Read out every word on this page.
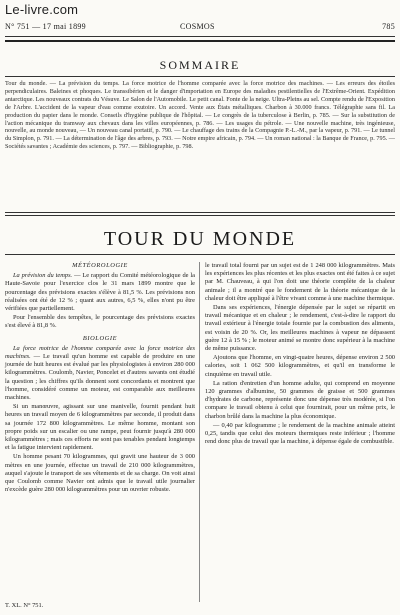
Le-livre.com
N° 751 — 17 mai 1899	COSMOS	785
SOMMAIRE
Tour du monde. — La prévision du temps. La force motrice de l'homme comparée avec la force motrice des machines. — Les erreurs des étoiles perpendiculaires. Baleines et phoques. Le transsibérien et le danger d'importation en Europe des maladies pestilentielles de l'Extrême-Orient. Expédition antarctique. Les nouveaux contrats du Vésuve. Le Salon de l'Automobile. Le petit canal. Fonte de la neige. Ultra-Pleins au sel. Compte rendu de l'Exposition de l'Arbre. L'accident de la vapeur d'eau comme exutoire. Un accord. Vente aux États métalliques. Charbon à 30.000 francs. Télégraphie sans fil. La production du papier dans le monde. Conseils d'hygiène publique de l'hôpital. — Le congrès de la tuberculose à Berlin, p. 785. — Sur la substitution de l'action mécanique du tramway aux chevaux dans les villes européennes, p. 786. — Les usages du pétrole. — Une nouvelle machine, très ingénieuse, nouvelle, au monde nouveau, — Un nouveau canal portatif, p. 790. — Le chauffage des trains de la Compagnie P.-L.-M., par la vapeur, p. 791. — Le tunnel du Simplon, p. 791. — La détermination de l'âge des arbres, p. 793. — Notre empire africain, p. 794. — Un roman national : la Banque de France, p. 795. — Sociétés savantes ; Académie des sciences, p. 797. — Bibliographie, p. 798.
TOUR DU MONDE
MÉTÉOROLOGIE

La prévision du temps. — Le rapport du Comité météorologique de la Haute-Savoie pour l'exercice clos le 31 mars 1899 montre que le pourcentage des prévisions exactes s'élève à 81,5 %. Les prévisions non réalisées ont été de 12 % ; quant aux autres, 6,5 %, elles n'ont pu être vérifiées que partiellement.

Pour l'ensemble des tempêtes, le pourcentage des prévisions exactes s'est élevé à 81,8 %.

BIOLOGIE

La force motrice de l'homme comparée avec la force motrice des machines. — Le travail qu'un homme est capable de produire en une journée de huit heures est évalué par les physiologistes à environ 280 000 kilogrammètres. Coulomb, Navier, Poncelet et d'autres savants ont étudié la question ; les chiffres qu'ils donnent sont concordants et montrent que l'homme, considéré comme un moteur, est comparable aux meilleures machines.

Si un manœuvre, agissant sur une manivelle, fournit pendant huit heures un travail moyen de 6 kilogrammètres par seconde, il produit dans sa journée 172 800 kilogrammètres. Le même homme, montant son propre poids sur un escalier ou une rampe, peut fournir jusqu'à 280 000 kilogrammètres ; mais ces efforts ne sont pas tenables pendant longtemps et la fatigue intervient rapidement.

Un homme pesant 70 kilogrammes, qui gravit une hauteur de 3 000 mètres en une journée, effectue un travail de 210 000 kilogrammètres, auquel s'ajoute le transport de ses vêtements et de sa charge. On voit ainsi que Coulomb comme Navier ont admis que le travail utile journalier n'excède guère 280 000 kilogrammètres pour un ouvrier robuste.

le travail total fourni par un sujet est de 1 248 000 kilogrammètres. Mais les expériences les plus récentes et les plus exactes ont été faites à ce sujet par M. Chauveau, à qui l'on doit une théorie complète de la chaleur animale ; il a montré que le fondement de la théorie mécanique de la chaleur doit être appliqué à l'être vivant comme à une machine thermique.

Dans ses expériences, l'énergie dépensée par le sujet se répartit en travail mécanique et en chaleur ; le rendement, c'est-à-dire le rapport du travail extérieur à l'énergie totale fournie par la combustion des aliments, est voisin de 20 %. Or, les meilleures machines à vapeur ne dépassent guère 12 à 15 % ; le moteur animé se montre donc supérieur à la machine de même puissance.

Ajoutons que l'homme, en vingt-quatre heures, dépense environ 2 500 calories, soit 1 062 500 kilogrammètres, et qu'il en transforme le cinquième en travail utile.

La ration d'entretien d'un homme adulte, qui comprend en moyenne 120 grammes d'albumine, 50 grammes de graisse et 500 grammes d'hydrates de carbone, représente donc une dépense très modérée, si l'on compare le travail obtenu à celui que fournirait, pour un même prix, le charbon brûlé dans la machine la plus économique.

— 0,40 par kilogramme ; le rendement de la machine animale atteint 0,25, tandis que celui des moteurs thermiques reste inférieur ; l'homme rend donc plus de travail que la machine, à dépense égale de combustible.

T. XL. N° 751.
